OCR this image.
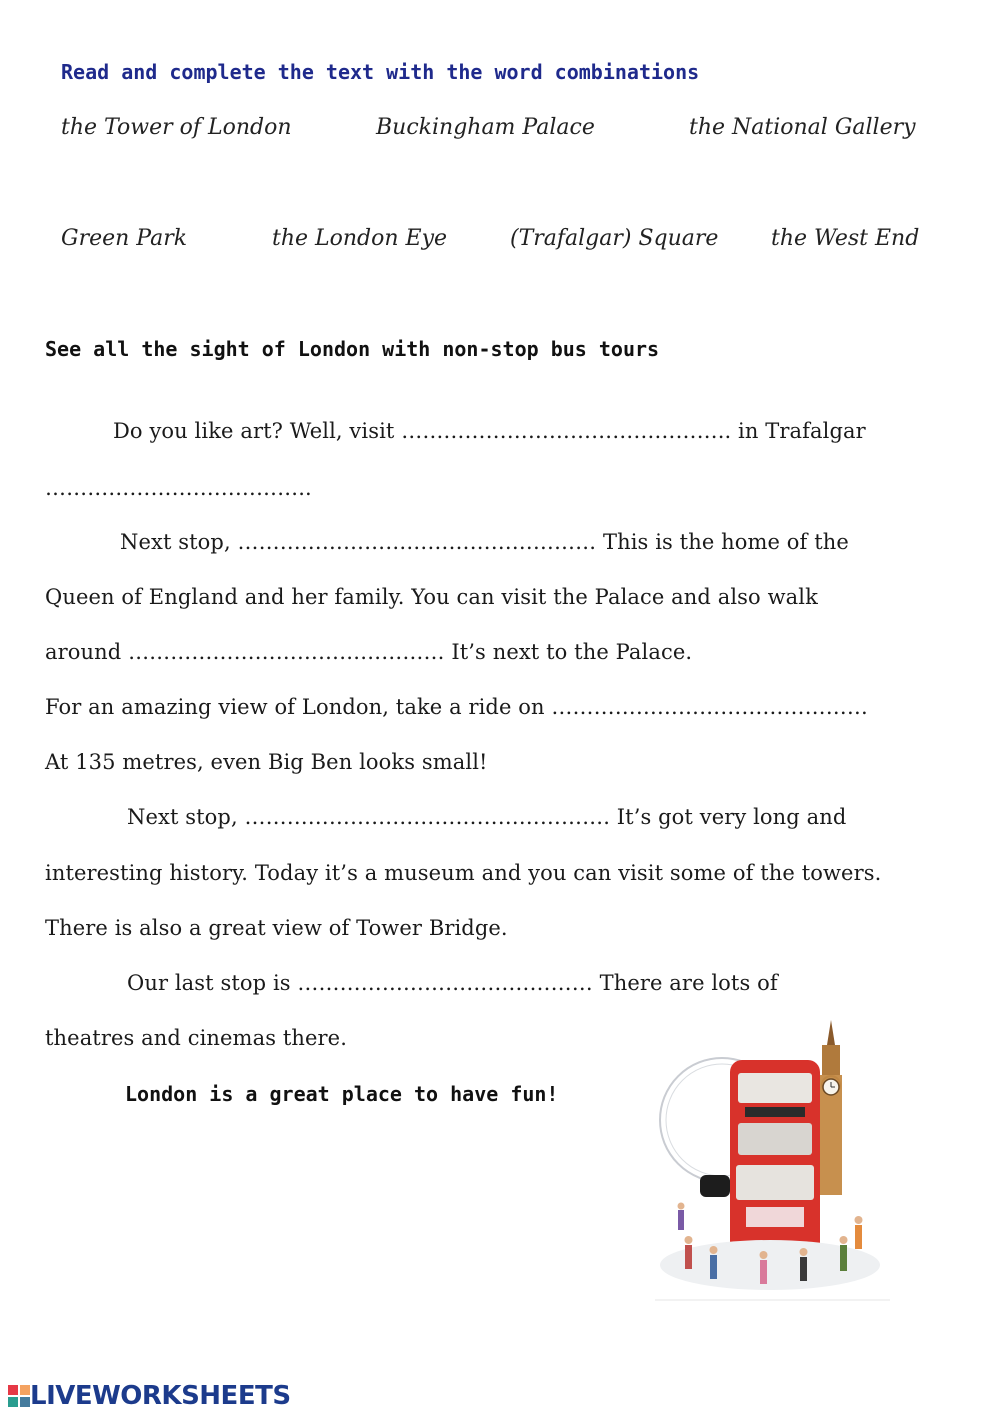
Read and complete the text with the word combinations
the Tower of London	Buckingham Palace	the National Gallery
Green Park	the London Eye	(Trafalgar) Square the West End
See all the sight of London with non-stop bus tours
Do you like art? Well, visit ……………………………………….. in Trafalgar
………………………………..
Next stop, …………………………………………… This is the home of the
Queen of England and her family. You can visit the Palace and also walk
around ……………………………………… It’s next to the Palace.
For an amazing view of London, take a ride on ………………………………………
At 135 metres, even Big Ben looks small!
Next stop, ……………………………………………. It’s got very long and
interesting history. Today it’s a museum and you can visit some of the towers.
There is also a great view of Tower Bridge.
Our last stop is …………………………………… There are lots of
theatres and cinemas there.
London is a great place to have fun!
LIVEWORKSHEETS
